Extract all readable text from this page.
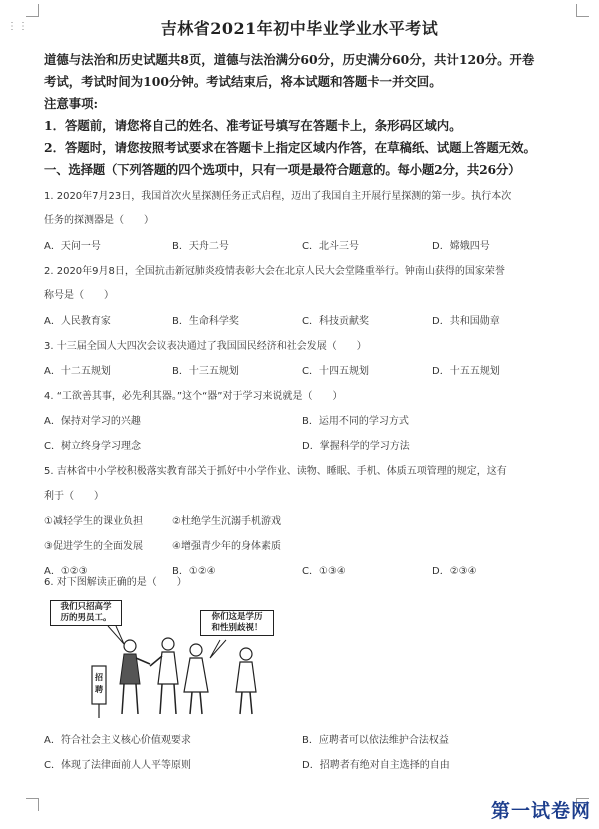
⋮⋮	吉林省2021年初中毕业学业水平考试
道德与法治和历史试题共8页，道德与法治满分60分，历史满分60分，共计120分。开卷
考试，考试时间为100分钟。考试结束后，将本试题和答题卡一并交回。
注意事项:
1．答题前，请您将自己的姓名、准考证号填写在答题卡上，条形码区域内。
2．答题时，请您按照考试要求在答题卡上指定区域内作答，在草稿纸、试题上答题无效。
一、选择题（下列答题的四个选项中，只有一项是最符合题意的。每小题2分，共26分）
1. 2020年7月23日，我国首次火星探测任务正式启程，迈出了我国自主开展行星探测的第一步。执行本次
任务的探测器是（　　）
A．天问一号	B．天舟二号	C．北斗三号	D．嫦娥四号
2. 2020年9月8日，全国抗击新冠肺炎疫情表彰大会在北京人民大会堂隆重举行。钟南山获得的国家荣誉
称号是（　　）
A．人民教育家	B．生命科学奖	C．科技贡献奖	D．共和国勋章
3. 十三届全国人大四次会议表决通过了我国国民经济和社会发展（　　）
A．十二五规划	B．十三五规划	C．十四五规划	D．十五五规划
4. “工欲善其事，必先利其器。”这个“器”对于学习来说就是（　　）
A．保持对学习的兴趣	B．运用不同的学习方式
C．树立终身学习理念	D．掌握科学的学习方法
5. 吉林省中小学校积极落实教育部关于抓好中小学作业、读物、睡眠、手机、体质五项管理的规定，这有
利于（　　）
①减轻学生的课业负担	②杜绝学生沉溺手机游戏
③促进学生的全面发展	④增强青少年的身体素质
A．①②③	B．①②④	C．①③④	D．②③④
6. 对下图解读正确的是（　　）
我们只招高学
历的男员工。	你们这是学历
和性别歧视！
招聘
A．符合社会主义核心价值观要求	B．应聘者可以依法维护合法权益
C．体现了法律面前人人平等原则	D．招聘者有绝对自主选择的自由
第一试卷网
